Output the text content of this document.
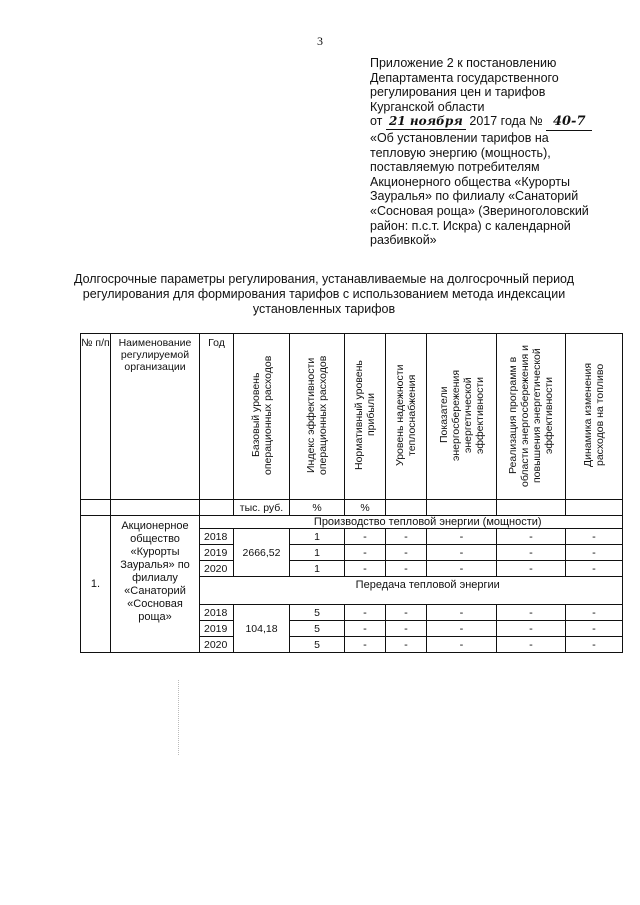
3
Приложение 2 к постановлению
Департамента государственного
регулирования цен и тарифов
Курганской области
от 21 ноября 2017 года № 40-7
«Об установлении тарифов на
тепловую энергию (мощность),
поставляемую потребителям
Акционерного общества «Курорты
Зауралья» по филиалу «Санаторий
«Сосновая роща» (Звериноголовский
район: п.с.т. Искра) с календарной
разбивкой»
Долгосрочные параметры регулирования, устанавливаемые на долгосрочный период
регулирования для формирования тарифов с использованием метода индексации
установленных тарифов
№ п/п	Наименование регулируемой организации	Год	Базовый уровень операционных расходов	Индекс эффективности операционных расходов	Нормативный уровень прибыли	Уровень надежности теплоснабжения	Показатели энергосбережения энергетической эффективности	Реализация программ в области энергосбережения и повышения энергетической эффективности	Динамика изменения расходов на топливо
			тыс. руб.	%	%				
1.	Акционерное общество «Курорты Зауралья» по филиалу «Санаторий «Сосновая роща»		Производство тепловой энергии (мощности)						
		2018	2666,52	1	-	-	-	-	-
		2019		1	-	-	-	-	-
		2020		1	-	-	-	-	-
			Передача тепловой энергии						
		2018	104,18	5	-	-	-	-	-
		2019		5	-	-	-	-	-
		2020		5	-	-	-	-	-
